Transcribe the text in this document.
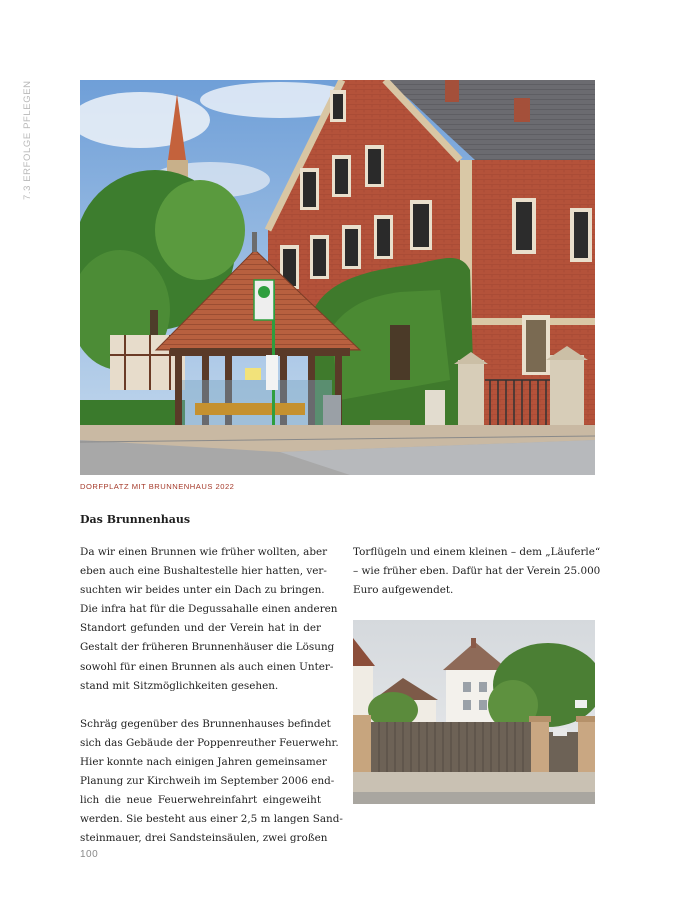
7.3 ERFOLGE PFLEGEN
DORFPLATZ MIT BRUNNENHAUS 2022
Das Brunnenhaus

Da wir einen Brunnen wie früher wollten, aber
eben auch eine Bushaltestelle hier hatten, ver-
suchten wir beides unter ein Dach zu bringen.
Die infra hat für die Degussahalle einen anderen
Standort gefunden und der Verein hat in der
Gestalt der früheren Brunnenhäuser die Lösung
sowohl für einen Brunnen als auch einen Unter-
stand mit Sitzmöglichkeiten gesehen.

Schräg gegenüber des Brunnenhauses befindet
sich das Gebäude der Poppenreuther Feuerwehr.
Hier konnte nach einigen Jahren gemeinsamer
Planung zur Kirchweih im September 2006 end-
lich die neue Feuerwehreinfahrt eingeweiht
werden. Sie besteht aus einer 2,5 m langen Sand-
steinmauer, drei Sandsteinsäulen, zwei großen

Torflügeln und einem kleinen – dem „Läuferle“
– wie früher eben. Dafür hat der Verein 25.000
Euro aufgewendet.

100
